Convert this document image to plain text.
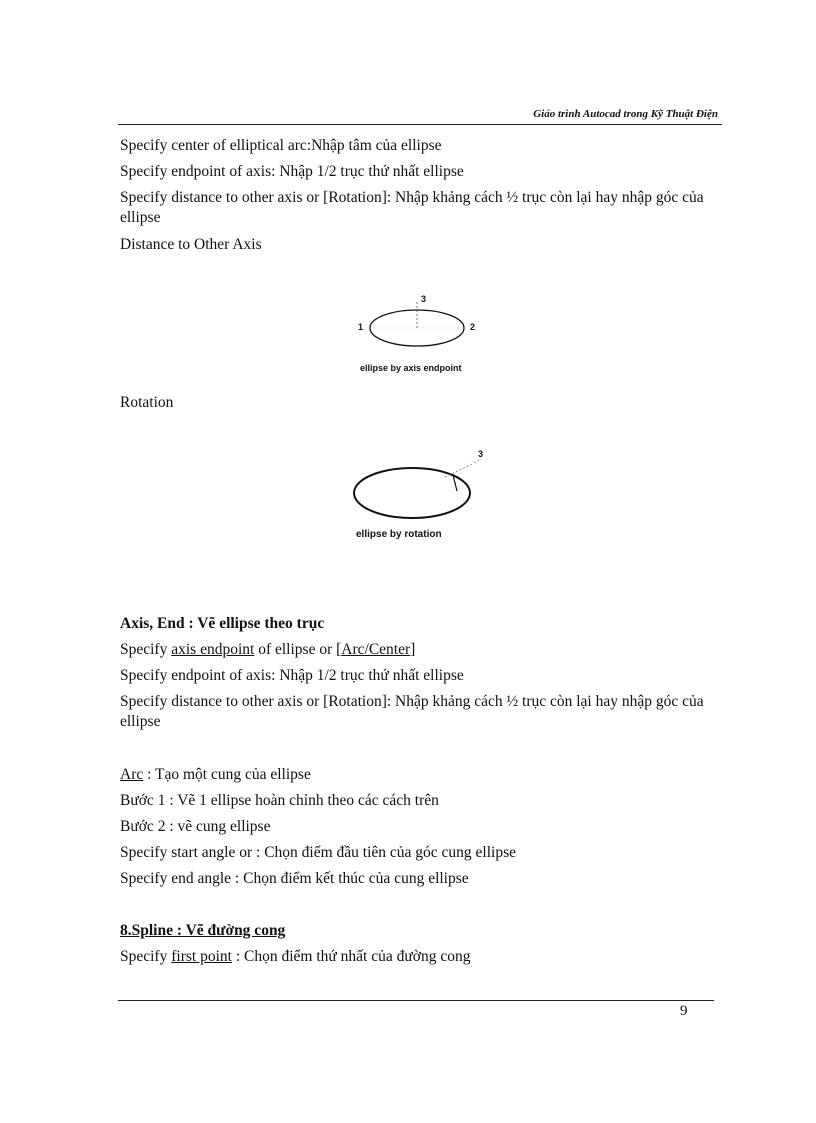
Giáo trình Autocad trong Kỹ Thuật Điện
Specify center of elliptical arc:Nhập tâm của ellipse
Specify endpoint of axis: Nhập 1/2 trục thứ nhất ellipse
Specify distance to other axis or [Rotation]: Nhập khảng cách ½ trục còn lại hay nhập góc của ellipse
Distance to Other Axis
3
1	2
ellipse by axis endpoint
Rotation
3
ellipse by rotation
Axis, End : Vẽ ellipse theo trục
Specify axis endpoint of ellipse or [Arc/Center]
Specify endpoint of axis: Nhập 1/2 trục thứ nhất ellipse
Specify distance to other axis or [Rotation]: Nhập khảng cách ½ trục còn lại hay nhập góc của ellipse
Arc : Tạo một cung của ellipse
Bước 1 : Vẽ 1 ellipse hoàn chỉnh theo các cách trên
Bước 2 : vẽ cung ellipse
Specify start angle or : Chọn điểm đầu tiên của góc cung ellipse
Specify end angle : Chọn điểm kết thúc của cung ellipse
8.Spline : Vẽ đường cong
Specify first point : Chọn điểm thứ nhất của đường cong
9
